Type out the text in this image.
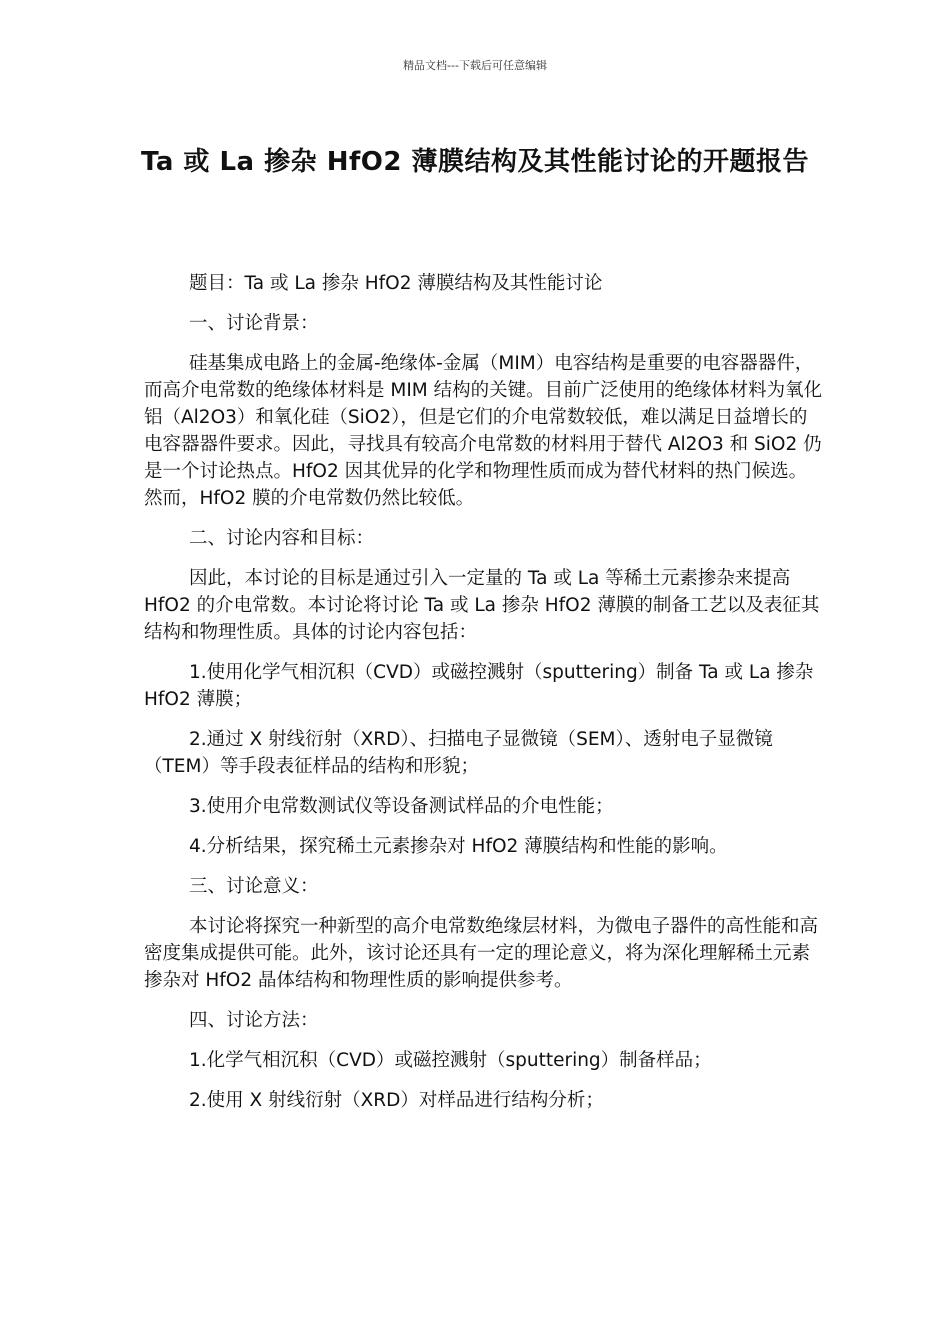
精品文档---下载后可任意编辑
Ta 或 La 掺杂 HfO2 薄膜结构及其性能讨论的开题报告

题目：Ta 或 La 掺杂 HfO2 薄膜结构及其性能讨论

一、讨论背景：

硅基集成电路上的金属-绝缘体-金属（MIM）电容结构是重要的电容器器件，而高介电常数的绝缘体材料是 MIM 结构的关键。目前广泛使用的绝缘体材料为氧化铝（Al2O3）和氧化硅（SiO2），但是它们的介电常数较低，难以满足日益增长的电容器器件要求。因此，寻找具有较高介电常数的材料用于替代 Al2O3 和 SiO2 仍是一个讨论热点。HfO2 因其优异的化学和物理性质而成为替代材料的热门候选。然而，HfO2 膜的介电常数仍然比较低。

二、讨论内容和目标：

因此，本讨论的目标是通过引入一定量的 Ta 或 La 等稀土元素掺杂来提高 HfO2 的介电常数。本讨论将讨论 Ta 或 La 掺杂 HfO2 薄膜的制备工艺以及表征其结构和物理性质。具体的讨论内容包括：

1.使用化学气相沉积（CVD）或磁控溅射（sputtering）制备 Ta 或 La 掺杂 HfO2 薄膜；

2.通过 X 射线衍射（XRD）、扫描电子显微镜（SEM）、透射电子显微镜（TEM）等手段表征样品的结构和形貌；

3.使用介电常数测试仪等设备测试样品的介电性能；

4.分析结果，探究稀土元素掺杂对 HfO2 薄膜结构和性能的影响。

三、讨论意义：

本讨论将探究一种新型的高介电常数绝缘层材料，为微电子器件的高性能和高密度集成提供可能。此外，该讨论还具有一定的理论意义，将为深化理解稀土元素掺杂对 HfO2 晶体结构和物理性质的影响提供参考。

四、讨论方法：

1.化学气相沉积（CVD）或磁控溅射（sputtering）制备样品；

2.使用 X 射线衍射（XRD）对样品进行结构分析；
